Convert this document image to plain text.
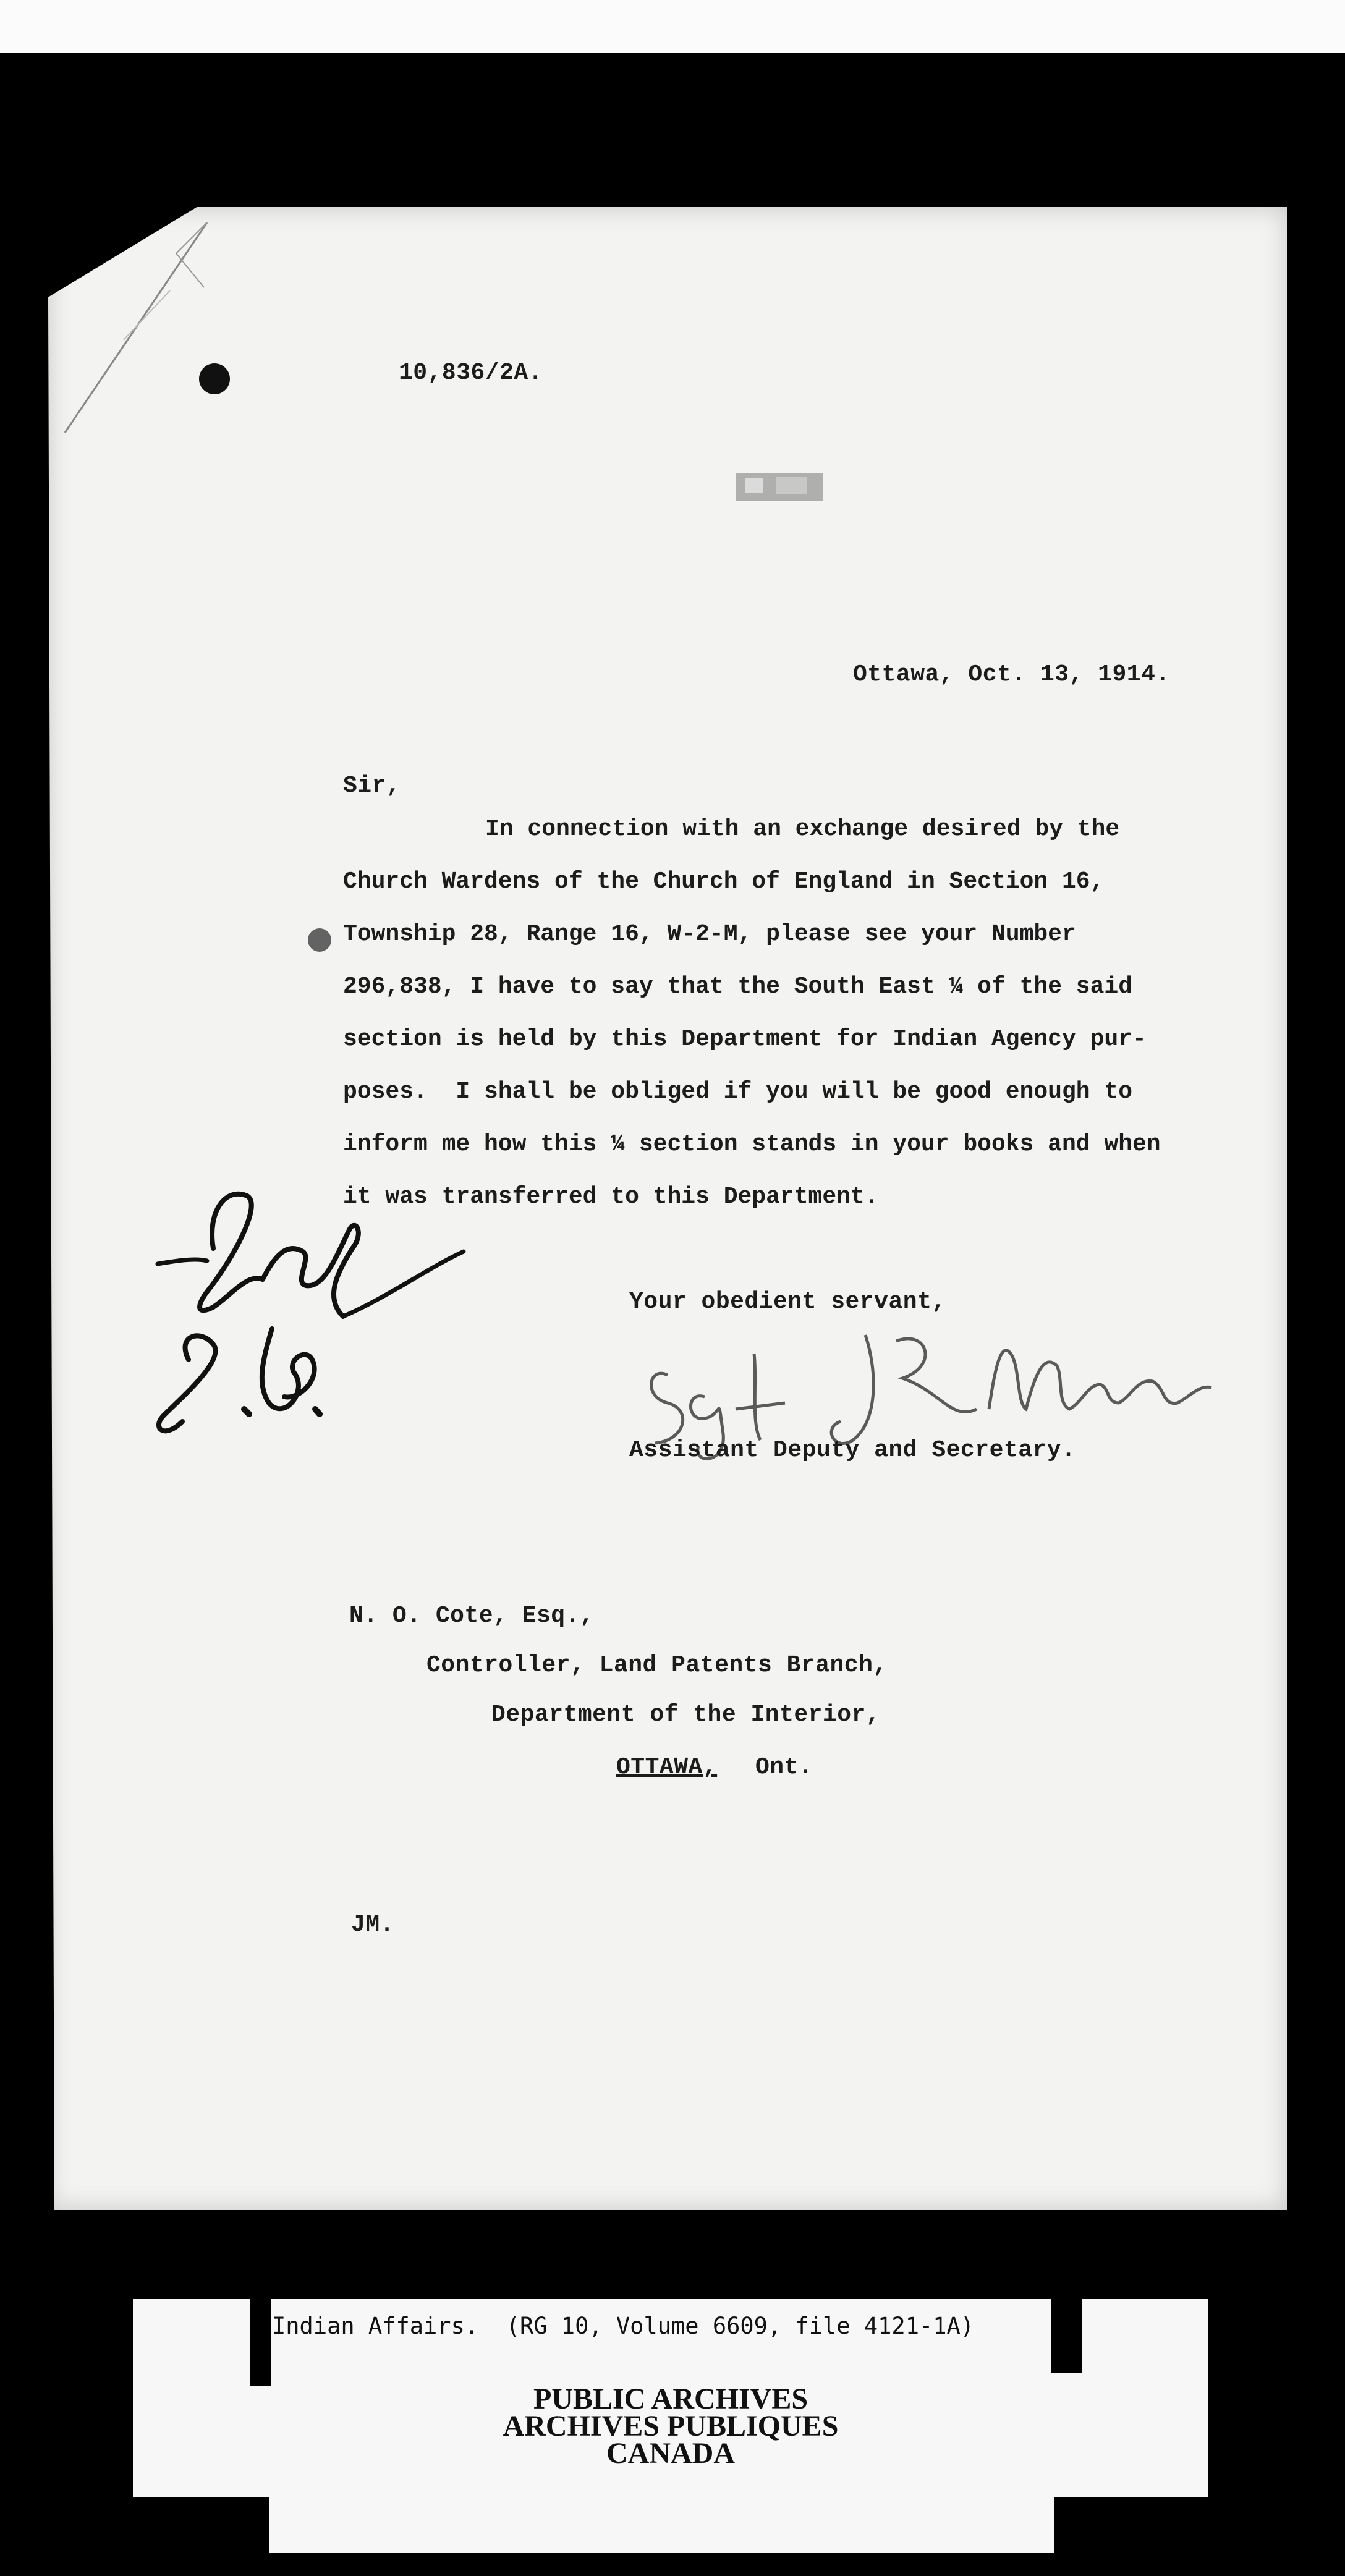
10,836/2A.

Ottawa, Oct. 13, 1914.

Sir,

In connection with an exchange desired by the
Church Wardens of the Church of England in Section 16,
Township 28, Range 16, W-2-M, please see your Number
296,838, I have to say that the South East ¼ of the said
section is held by this Department for Indian Agency pur-
poses.  I shall be obliged if you will be good enough to
inform me how this ¼ section stands in your books and when
it was transferred to this Department.

Your obedient servant,

Assistant Deputy and Secretary.

N. O. Cote, Esq.,

Controller, Land Patents Branch,

Department of the Interior,

OTTAWA, Ont.

JM.

Indian Affairs.  (RG 10, Volume 6609, file 4121-1A)
PUBLIC ARCHIVES
ARCHIVES PUBLIQUES
CANADA
